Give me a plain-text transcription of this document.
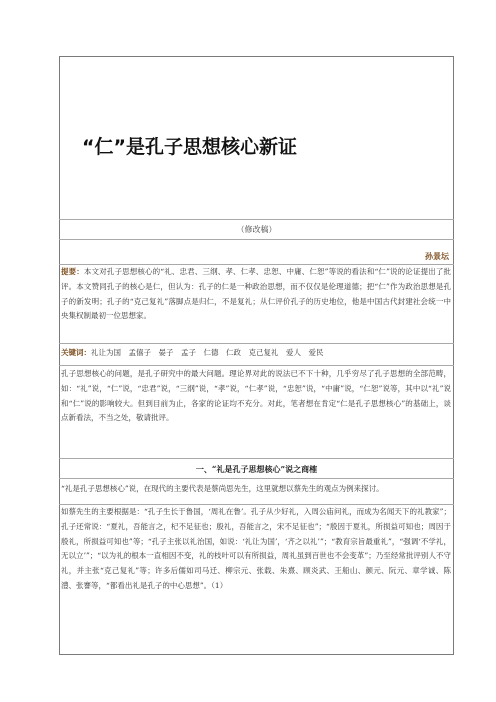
“仁”是孔子思想核心新证
（修改稿）
孙景坛
提要：本文对孔子思想核心的“礼、忠君、三纲、孝、仁孝、忠恕、中庸、仁恕”等说的看法和“仁”说的论证提出了批评。本文赞同孔子的核心是仁，但认为：孔子的仁是一种政治思想，而不仅仅是伦理道德；把“仁”作为政治思想是孔子的新发明；孔子的“克己复礼”落脚点是归仁，不是复礼；从仁评价孔子的历史地位，他是中国古代封建社会统一中央集权制最初一位思想家。
关键词：礼让为国　孟僖子　晏子　孟子　仁德　仁政　克己复礼　爱人　爱民
孔子思想核心的问题，是孔子研究中的最大问题。理论界对此的说法已不下十种，几乎穷尽了孔子思想的全部范畴，如：“礼”说，“仁”说，“忠君”说，“三纲”说，“孝”说，“仁孝”说，“忠恕”说，“中庸”说，“仁恕”说等，其中以“礼”说和“仁”说的影响较大。但到目前为止，各家的论证均不充分。对此，笔者想在肯定“仁是孔子思想核心”的基础上，谈点新看法，不当之处，敬请批评。
一、“礼是孔子思想核心”说之商榷
“礼是孔子思想核心”说，在现代的主要代表是蔡尚思先生，这里就想以蔡先生的观点为例来探讨。
如蔡先生的主要根据是：“孔子生长于鲁国，‘周礼在鲁’。孔子从少好礼，入周公庙问礼，而成为名闻天下的礼教家”；孔子还常说：“夏礼，吾能言之，杞不足征也；殷礼，吾能言之，宋不足征也”；“殷因于夏礼，所损益可知也；周因于殷礼，所损益可知也”等；“孔子主张以礼治国，如说：‘礼让为国’，‘齐之以礼’”；“教育宗旨最重礼”，“强调‘不学礼，无以立’”；“以为礼的根本一直相因不变，礼的枝叶可以有所损益，周礼虽到百世也不会变革”；乃至经常批评别人不守礼，并主张“克己复礼”等；许多后儒如司马迁、柳宗元、张载、朱熹、顾炎武、王船山、颜元、阮元、章学诚、陈澧、张謇等，“都看出礼是孔子的中心思想”。（1）
